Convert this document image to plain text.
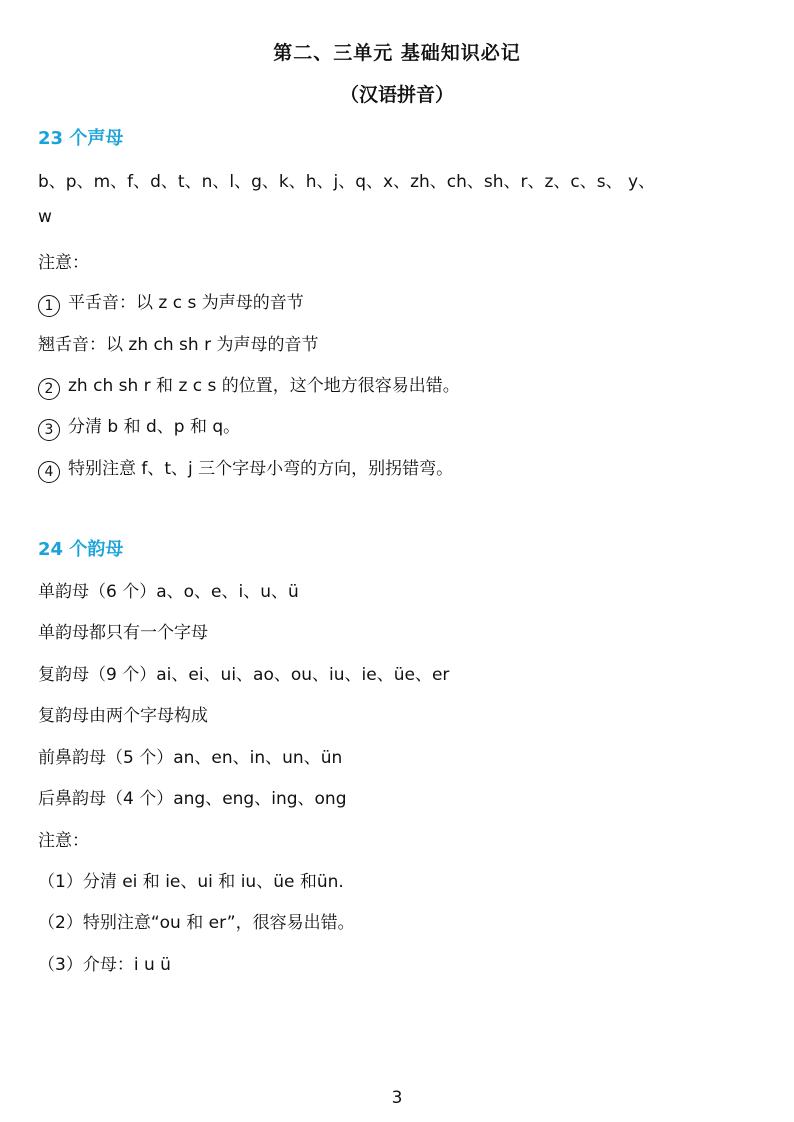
第二、三单元 基础知识必记
（汉语拼音）
23 个声母
b、p、m、f、d、t、n、l、g、k、h、j、q、x、zh、ch、sh、r、z、c、s、 y、
w
注意：
1 平舌音：以 z c s 为声母的音节
翘舌音：以 zh ch sh r 为声母的音节
2 zh ch sh r 和 z c s 的位置，这个地方很容易出错。
3 分清 b 和 d、p 和 q。
4 特别注意 f、t、j 三个字母小弯的方向，别拐错弯。
24 个韵母
单韵母（6 个）a、o、e、i、u、ü
单韵母都只有一个字母
复韵母（9 个）ai、ei、ui、ao、ou、iu、ie、üe、er
复韵母由两个字母构成
前鼻韵母（5 个）an、en、in、un、ün
后鼻韵母（4 个）ang、eng、ing、ong
注意：
（1）分清 ei 和 ie、ui 和 iu、üe 和ün.
（2）特别注意“ou 和 er”，很容易出错。
（3）介母：i u ü
3
